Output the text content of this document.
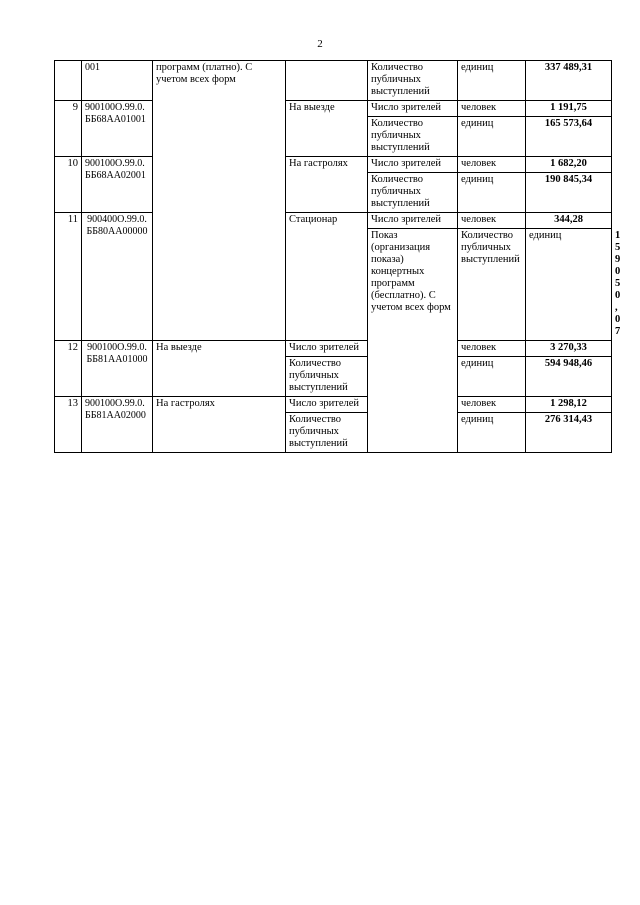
2
	001	программ (платно). С учетом всех форм		Количество публичных выступлений	единиц	337 489,31	
9	900100О.99.0.ББ68АА01001		На выезде	Число зрителей	человек	1 191,75	
				Количество публичных выступлений	единиц	165 573,64	
10	900100О.99.0.ББ68АА02001		На гастролях	Число зрителей	человек	1 682,20	
				Количество публичных выступлений	единиц	190 845,34	
11	900400О.99.0.ББ80АА00000		Стационар	Число зрителей	человек	344,28	
				Показ (организация показа) концертных программ (бесплатно). С учетом всех форм	Количество публичных выступлений	единиц	159 050,07
12	900100О.99.0.ББ81АА01000	На выезде	Число зрителей		человек	3 270,33	
			Количество публичных выступлений		единиц	594 948,46	
13	900100О.99.0.ББ81АА02000	На гастролях	Число зрителей		человек	1 298,12	
			Количество публичных выступлений		единиц	276 314,43	
